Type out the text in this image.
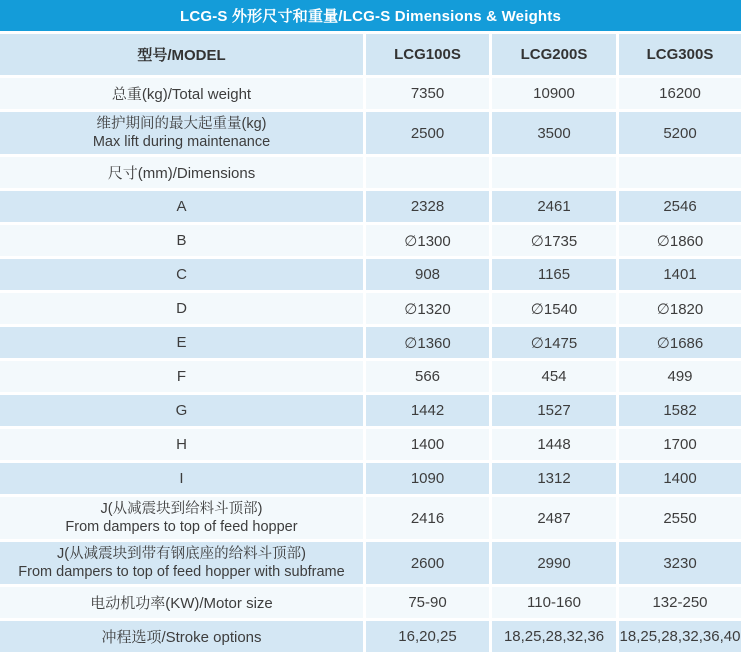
LCG-S 外形尺寸和重量/LCG-S Dimensions & Weights
型号/MODEL	LCG100S	LCG200S	LCG300S
总重(kg)/Total weight	7350	10900	16200

维护期间的最大起重量(kg)
Max lift during maintenance	2500	3500	5200
尺寸(mm)/Dimensions			
A	2328	2461	2546
B	∅1300	∅1735	∅1860
C	908	1165	1401
D	∅1320	∅1540	∅1820
E	∅1360	∅1475	∅1686
F	566	454	499
G	1442	1527	1582
H	1400	1448	1700
I	1090	1312	1400

J(从减震块到给料斗顶部)
From dampers to top of feed hopper	2416	2487	2550

J(从减震块到带有钢底座的给料斗顶部)
From dampers to top of feed hopper with subframe	2600	2990	3230
电动机功率(KW)/Motor size	75-90	110-160	132-250
冲程选项/Stroke options	16,20,25	18,25,28,32,36	18,25,28,32,36,40
